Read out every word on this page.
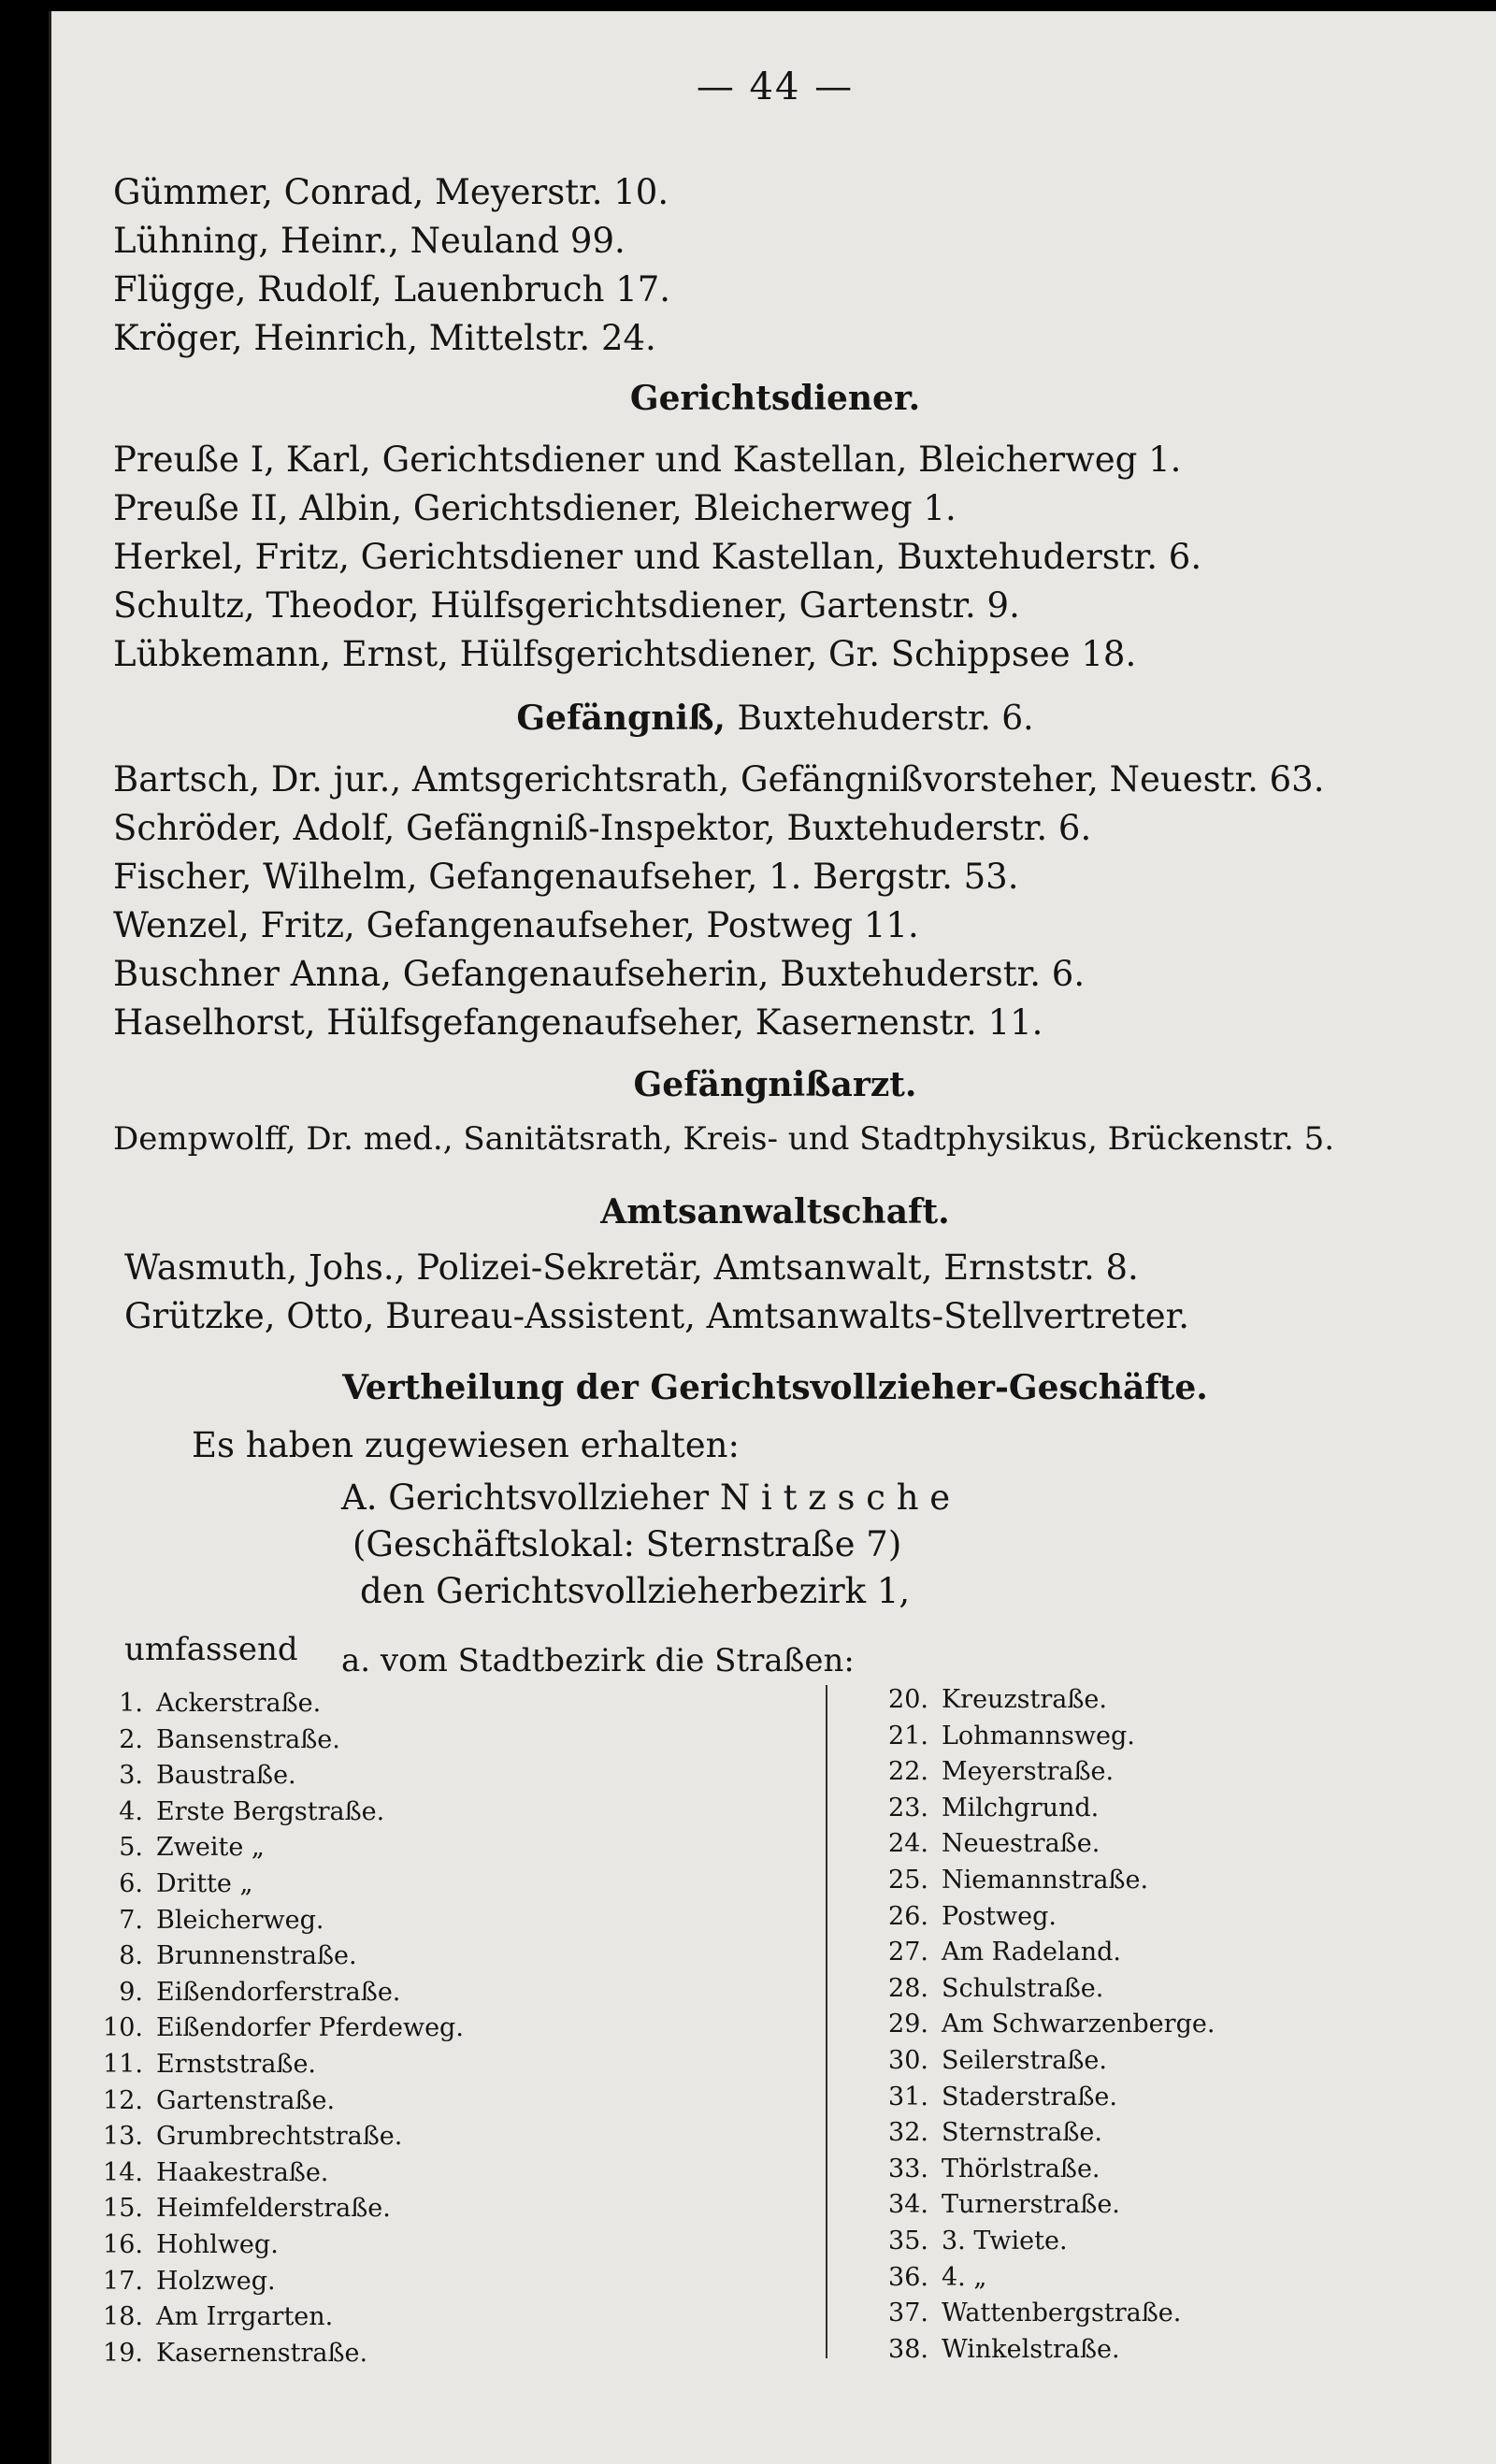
— 44 —
Gümmer, Conrad, Meyerstr. 10.
Lühning, Heinr., Neuland 99.
Flügge, Rudolf, Lauenbruch 17.
Kröger, Heinrich, Mittelstr. 24.
Gerichtsdiener.
Preuße I, Karl, Gerichtsdiener und Kastellan, Bleicherweg 1.
Preuße II, Albin, Gerichtsdiener, Bleicherweg 1.
Herkel, Fritz, Gerichtsdiener und Kastellan, Buxtehuderstr. 6.
Schultz, Theodor, Hülfsgerichtsdiener, Gartenstr. 9.
Lübkemann, Ernst, Hülfsgerichtsdiener, Gr. Schippsee 18.
Gefängniß, Buxtehuderstr. 6.
Bartsch, Dr. jur., Amtsgerichtsrath, Gefängnißvorsteher, Neuestr. 63.
Schröder, Adolf, Gefängniß-Inspektor, Buxtehuderstr. 6.
Fischer, Wilhelm, Gefangenaufseher, 1. Bergstr. 53.
Wenzel, Fritz, Gefangenaufseher, Postweg 11.
Buschner Anna, Gefangenaufseherin, Buxtehuderstr. 6.
Haselhorst, Hülfsgefangenaufseher, Kasernenstr. 11.
Gefängnißarzt.
Dempwolff, Dr. med., Sanitätsrath, Kreis- und Stadtphysikus, Brückenstr. 5.
Amtsanwaltschaft.
Wasmuth, Johs., Polizei-Sekretär, Amtsanwalt, Ernststr. 8.
Grützke, Otto, Bureau-Assistent, Amtsanwalts-Stellvertreter.
Vertheilung der Gerichtsvollzieher-Geschäfte.
Es haben zugewiesen erhalten:
A. Gerichtsvollzieher N i t z s c h e
(Geschäftslokal: Sternstraße 7)
den Gerichtsvollzieherbezirk 1,
umfassend a. vom Stadtbezirk die Straßen:
1. Ackerstraße.
2. Bansenstraße.
3. Baustraße.
4. Erste Bergstraße.
5. Zweite „
6. Dritte „
7. Bleicherweg.
8. Brunnenstraße.
9. Eißendorferstraße.
10. Eißendorfer Pferdeweg.
11. Ernststraße.
12. Gartenstraße.
13. Grumbrechtstraße.
14. Haakestraße.
15. Heimfelderstraße.
16. Hohlweg.
17. Holzweg.
18. Am Irrgarten.
19. Kasernenstraße.
20. Kreuzstraße.
21. Lohmannsweg.
22. Meyerstraße.
23. Milchgrund.
24. Neuestraße.
25. Niemannstraße.
26. Postweg.
27. Am Radeland.
28. Schulstraße.
29. Am Schwarzenberge.
30. Seilerstraße.
31. Staderstraße.
32. Sternstraße.
33. Thörlstraße.
34. Turnerstraße.
35. 3. Twiete.
36. 4. „
37. Wattenbergstraße.
38. Winkelstraße.
